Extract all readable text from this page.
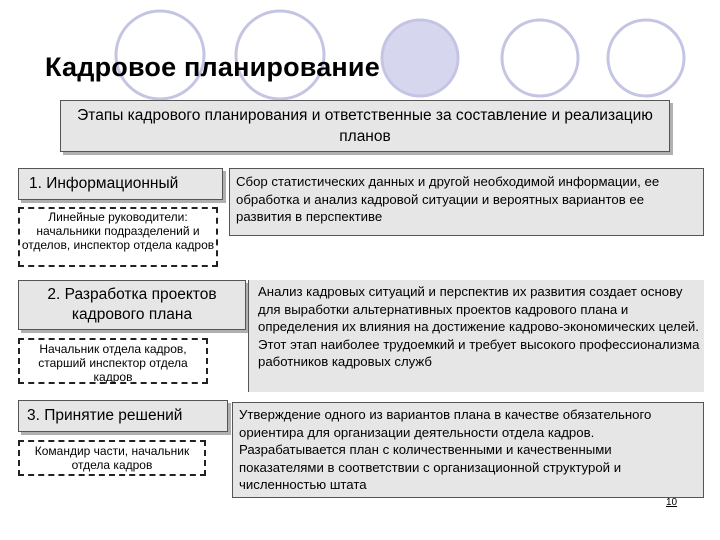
Кадровое планирование
Этапы кадрового планирования и ответственные за составление и реализацию планов
1. Информационный
Линейные руководители: начальники подразделений и отделов, инспектор отдела кадров
Сбор статистических данных и другой необходимой информации, ее обработка и анализ кадровой ситуации и вероятных вариантов ее развития в перспективе
2. Разработка проектов кадрового плана
Начальник отдела кадров, старший инспектор отдела кадров
Анализ кадровых ситуаций и перспектив их развития создает основу для выработки альтернативных проектов кадрового плана и определения их влияния на достижение кадрово-экономических целей. Этот этап наиболее трудоемкий и требует высокого профессионализма работников кадровых служб
3. Принятие решений
Командир части, начальник отдела кадров
Утверждение одного из вариантов плана в качестве обязательного ориентира для организации деятельности отдела кадров. Разрабатывается план с количественными и качественными показателями в соответствии с организационной структурой и численностью штата
10
